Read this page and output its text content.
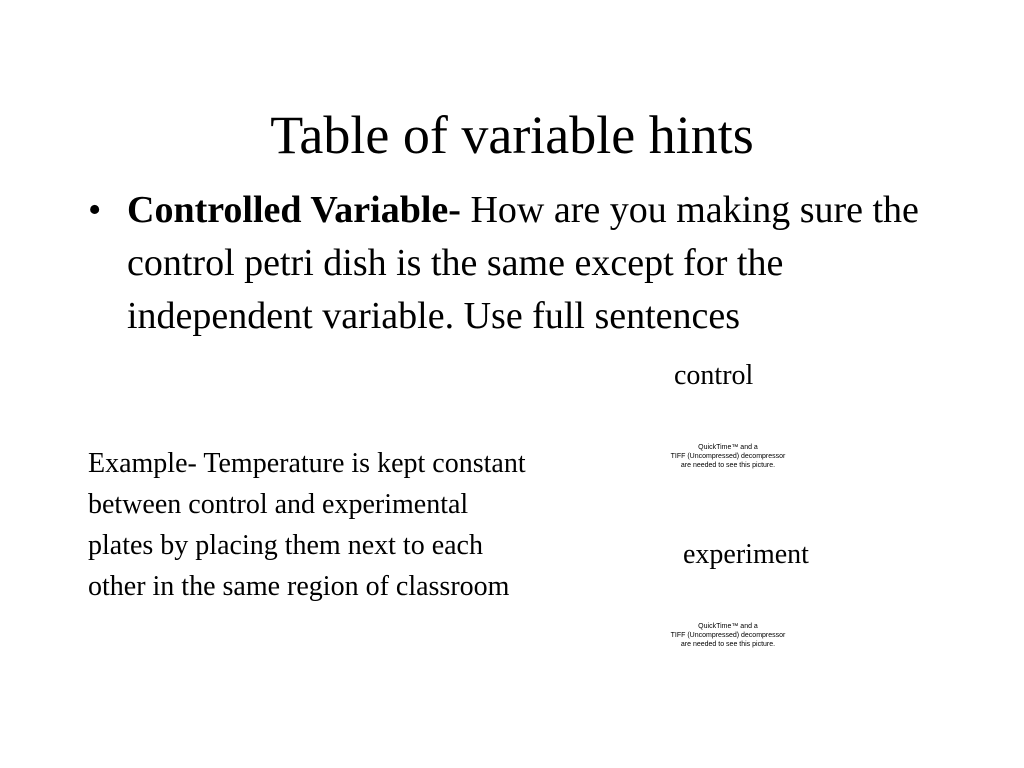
Table of variable hints
• Controlled Variable- How are you making sure the control petri dish is the same except for the independent variable. Use full sentences
Example- Temperature is kept constant between control and experimental plates by placing them next to each other in the same region of classroom
control
QuickTime™ and a
TIFF (Uncompressed) decompressor
are needed to see this picture.
experiment
QuickTime™ and a
TIFF (Uncompressed) decompressor
are needed to see this picture.
